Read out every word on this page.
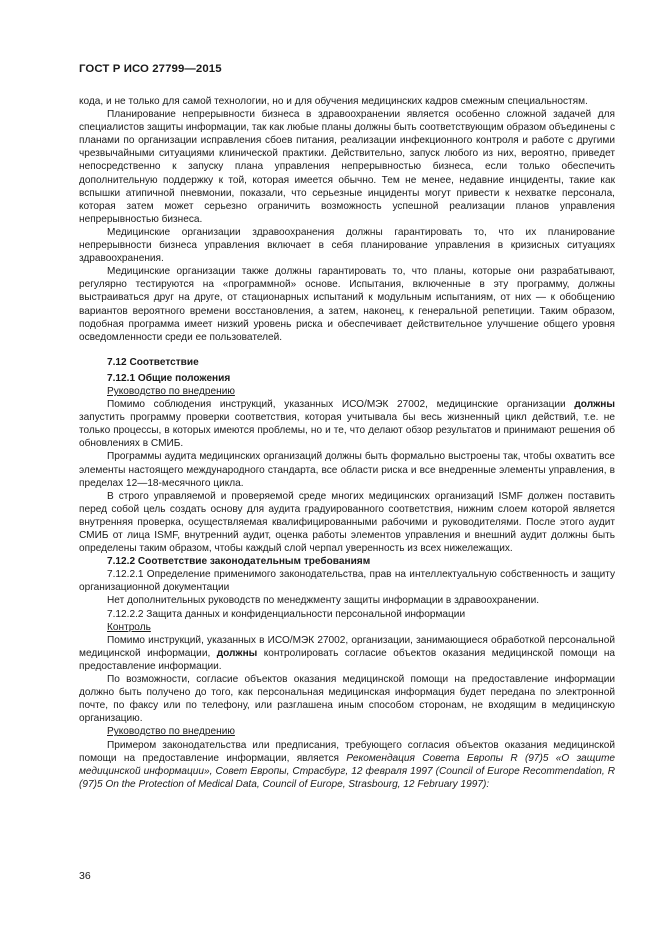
ГОСТ Р ИСО 27799—2015

кода, и не только для самой технологии, но и для обучения медицинских кадров смежным специальностям.

Планирование непрерывности бизнеса в здравоохранении является особенно сложной задачей для специалистов защиты информации, так как любые планы должны быть соответствующим образом объединены с планами по организации исправления сбоев питания, реализации инфекционного контроля и работе с другими чрезвычайными ситуациями клинической практики. Действительно, запуск любого из них, вероятно, приведет непосредственно к запуску плана управления непрерывностью бизнеса, если только обеспечить дополнительную поддержку к той, которая имеется обычно. Тем не менее, недавние инциденты, такие как вспышки атипичной пневмонии, показали, что серьезные инциденты могут привести к нехватке персонала, которая затем может серьезно ограничить возможность успешной реализации планов управления непрерывностью бизнеса.

Медицинские организации здравоохранения должны гарантировать то, что их планирование непрерывности бизнеса управления включает в себя планирование управления в кризисных ситуациях здравоохранения.

Медицинские организации также должны гарантировать то, что планы, которые они разрабатывают, регулярно тестируются на «программной» основе. Испытания, включенные в эту программу, должны выстраиваться друг на друге, от стационарных испытаний к модульным испытаниям, от них — к обобщению вариантов вероятного времени восстановления, а затем, наконец, к генеральной репетиции. Таким образом, подобная программа имеет низкий уровень риска и обеспечивает действительное улучшение общего уровня осведомленности среди ее пользователей.

7.12 Соответствие

7.12.1 Общие положения

Руководство по внедрению

Помимо соблюдения инструкций, указанных ИСО/МЭК 27002, медицинские организации должны запустить программу проверки соответствия, которая учитывала бы весь жизненный цикл действий, т.е. не только процессы, в которых имеются проблемы, но и те, что делают обзор результатов и принимают решения об обновлениях в СМИБ.

Программы аудита медицинских организаций должны быть формально выстроены так, чтобы охватить все элементы настоящего международного стандарта, все области риска и все внедренные элементы управления, в пределах 12—18-месячного цикла.

В строго управляемой и проверяемой среде многих медицинских организаций ISMF должен поставить перед собой цель создать основу для аудита градуированного соответствия, нижним слоем которой является внутренняя проверка, осуществляемая квалифицированными рабочими и руководителями. После этого аудит СМИБ от лица ISMF, внутренний аудит, оценка работы элементов управления и внешний аудит должны быть определены таким образом, чтобы каждый слой черпал уверенность из всех нижележащих.

7.12.2 Соответствие законодательным требованиям

7.12.2.1 Определение применимого законодательства, прав на интеллектуальную собственность и защиту организационной документации

Нет дополнительных руководств по менеджменту защиты информации в здравоохранении.

7.12.2.2 Защита данных и конфиденциальности персональной информации

Контроль

Помимо инструкций, указанных в ИСО/МЭК 27002, организации, занимающиеся обработкой персональной медицинской информации, должны контролировать согласие объектов оказания медицинской помощи на предоставление информации.

По возможности, согласие объектов оказания медицинской помощи на предоставление информации должно быть получено до того, как персональная медицинская информация будет передана по электронной почте, по факсу или по телефону, или разглашена иным способом сторонам, не входящим в медицинскую организацию.

Руководство по внедрению

Примером законодательства или предписания, требующего согласия объектов оказания медицинской помощи на предоставление информации, является Рекомендация Совета Европы R (97)5 «О защите медицинской информации», Совет Европы, Страсбург, 12 февраля 1997 (Council of Europe Recommendation, R (97)5 On the Protection of Medical Data, Council of Europe, Strasbourg, 12 February 1997):

36
